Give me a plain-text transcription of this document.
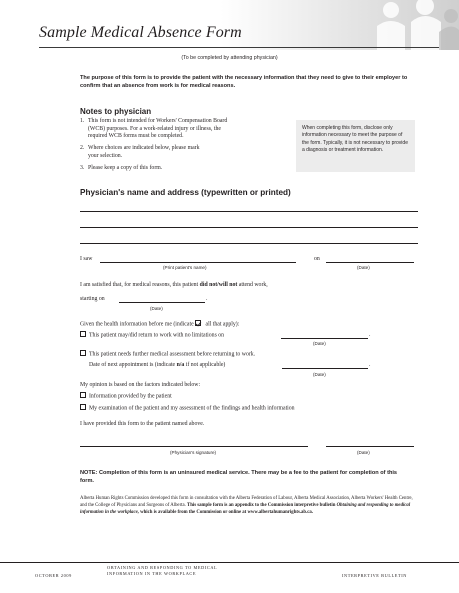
Sample Medical Absence Form
(To be completed by attending physician)
The purpose of this form is to provide the patient with the necessary information that they need to give to their employer to confirm that an absence from work is for medical reasons.
Notes to physician
1. This form is not intended for Workers' Compensation Board
(WCB) purposes. For a work-related injury or illness, the
required WCB forms must be completed.
2. Where choices are indicated below, please mark
your selection.
3. Please keep a copy of this form.
When completing this form, disclose only information necessary to meet the purpose of the form. Typically, it is not necessary to provide a diagnosis or treatment information.
Physician's name and address (typewritten or printed)
I saw
(Print patient's name)
on
(Date)
I am satisfied that, for medical reasons, this patient did not/will not attend work,
starting on	.
(Date)
Given the health information before me (indicate  all that apply):
This patient may/did return to work with no limitations on	.
(Date)
This patient needs further medical assessment before returning to work.
Date of next appointment is (indicate n/a if not applicable)	.
(Date)
My opinion is based on the factors indicated below:
Information provided by the patient
My examination of the patient and my assessment of the findings and health information
I have provided this form to the patient named above.
(Physician's signature)	(Date)
NOTE: Completion of this form is an uninsured medical service. There may be a fee to the patient for completion of this form.
Alberta Human Rights Commission developed this form in consultation with the Alberta Federation of Labour, Alberta Medical Association, Alberta Workers' Health Centre, and the College of Physicians and Surgeons of Alberta. This sample form is an appendix to the Commission interpretive bulletin Obtaining and responding to medical information in the workplace, which is available from the Commission or online at www.albertahumanrights.ab.ca.
OCTOBER 2009
OBTAINING AND RESPONDING TO MEDICAL
INFORMATION IN THE WORKPLACE	INTERPRETIVE BULLETIN
